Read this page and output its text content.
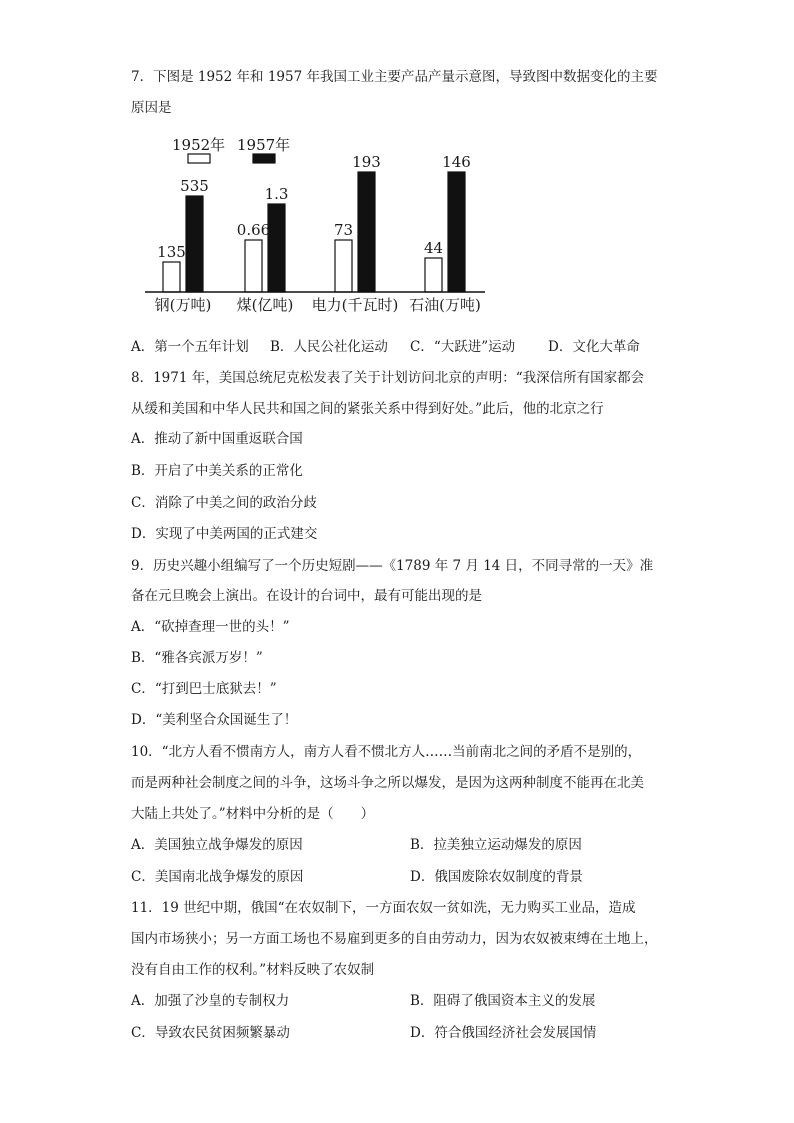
7．下图是 1952 年和 1957 年我国工业主要产品产量示意图，导致图中数据变化的主要
原因是
1952年 1957年
135
535
0.66
1.3
73
193
44
146
钢(万吨) 煤(亿吨) 电力(千瓦时) 石油(万吨)
A．第一个五年计划 B．人民公社化运动 C．“大跃进”运动 D．文化大革命
8．1971 年，美国总统尼克松发表了关于计划访问北京的声明：“我深信所有国家都会
从缓和美国和中华人民共和国之间的紧张关系中得到好处。”此后，他的北京之行
A．推动了新中国重返联合国
B．开启了中美关系的正常化
C．消除了中美之间的政治分歧
D．实现了中美两国的正式建交
9．历史兴趣小组编写了一个历史短剧——《1789 年 7 月 14 日，不同寻常的一天》准
备在元旦晚会上演出。在设计的台词中，最有可能出现的是
A．“砍掉查理一世的头！”
B．“雅各宾派万岁！”
C．“打到巴士底狱去！”
D．“美利坚合众国诞生了！
10．“北方人看不惯南方人，南方人看不惯北方人……当前南北之间的矛盾不是别的，
而是两种社会制度之间的斗争，这场斗争之所以爆发，是因为这两种制度不能再在北美
大陆上共处了。”材料中分析的是（　　）
A．美国独立战争爆发的原因	B．拉美独立运动爆发的原因
C．美国南北战争爆发的原因	D．俄国废除农奴制度的背景
11．19 世纪中期，俄国“在农奴制下，一方面农奴一贫如洗，无力购买工业品，造成
国内市场狭小；另一方面工场也不易雇到更多的自由劳动力，因为农奴被束缚在土地上，
没有自由工作的权利。”材料反映了农奴制
A．加强了沙皇的专制权力	B．阻碍了俄国资本主义的发展
C．导致农民贫困频繁暴动	D．符合俄国经济社会发展国情
